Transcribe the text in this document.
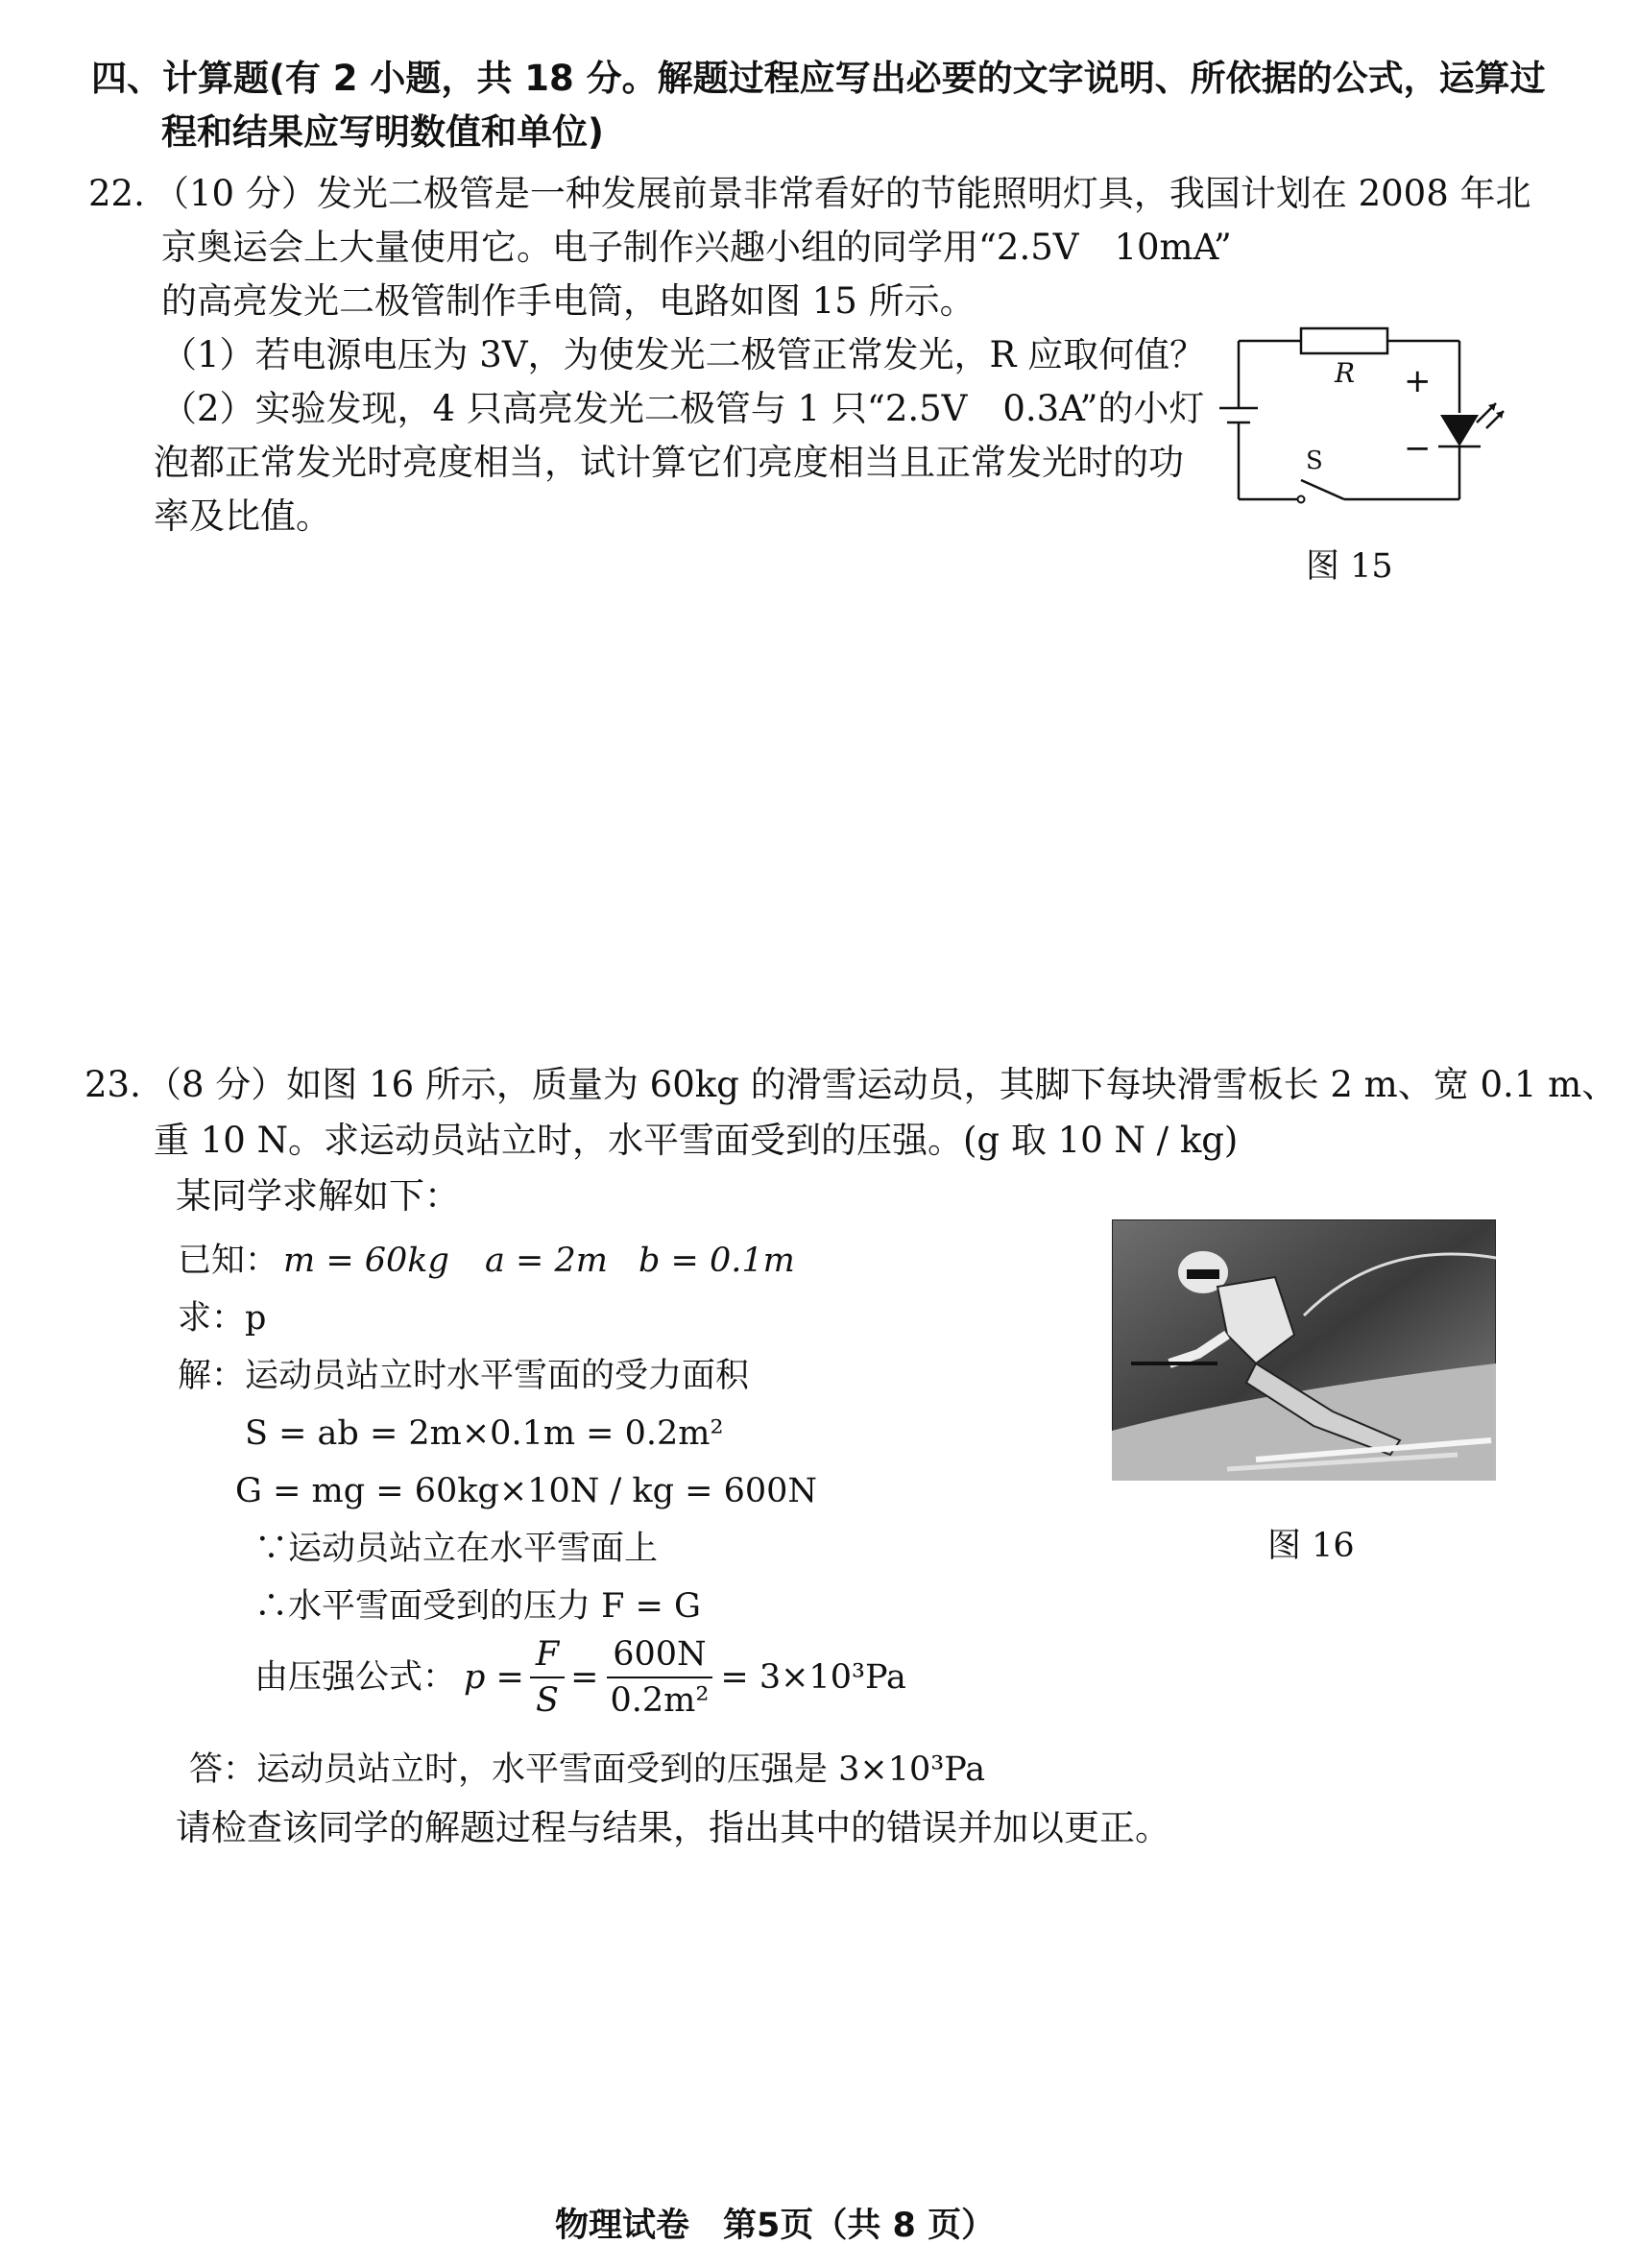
四、计算题(有 2 小题，共 18 分。解题过程应写出必要的文字说明、所依据的公式，运算过
程和结果应写明数值和单位)
22. （10 分）发光二极管是一种发展前景非常看好的节能照明灯具，我国计划在 2008 年北
京奥运会上大量使用它。电子制作兴趣小组的同学用“2.5V　10mA”
的高亮发光二极管制作手电筒，电路如图 15 所示。
（1）若电源电压为 3V，为使发光二极管正常发光，R 应取何值？
（2）实验发现，4 只高亮发光二极管与 1 只“2.5V　0.3A”的小灯
泡都正常发光时亮度相当，试计算它们亮度相当且正常发光时的功
率及比值。
R
S
+
−
图 15
23. （8 分）如图 16 所示，质量为 60kg 的滑雪运动员，其脚下每块滑雪板长 2 m、宽 0.1 m、
重 10 N。求运动员站立时，水平雪面受到的压强。(g 取 10 N / kg)
某同学求解如下：
已知： m = 60kg a = 2m b = 0.1m
求：p
解：运动员站立时水平雪面的受力面积
S = ab = 2m×0.1m = 0.2m²
G = mg = 60kg×10N / kg = 600N
∵运动员站立在水平雪面上
∴水平雪面受到的压力 F = G
由压强公式： $p = \frac{F}{S} = \frac{600N}{\text{0.2m²}} = 3\times 10^3Pa$
答：运动员站立时，水平雪面受到的压强是 3×10³Pa
请检查该同学的解题过程与结果，指出其中的错误并加以更正。
图 16
物理试卷　第5页（共 8 页）
